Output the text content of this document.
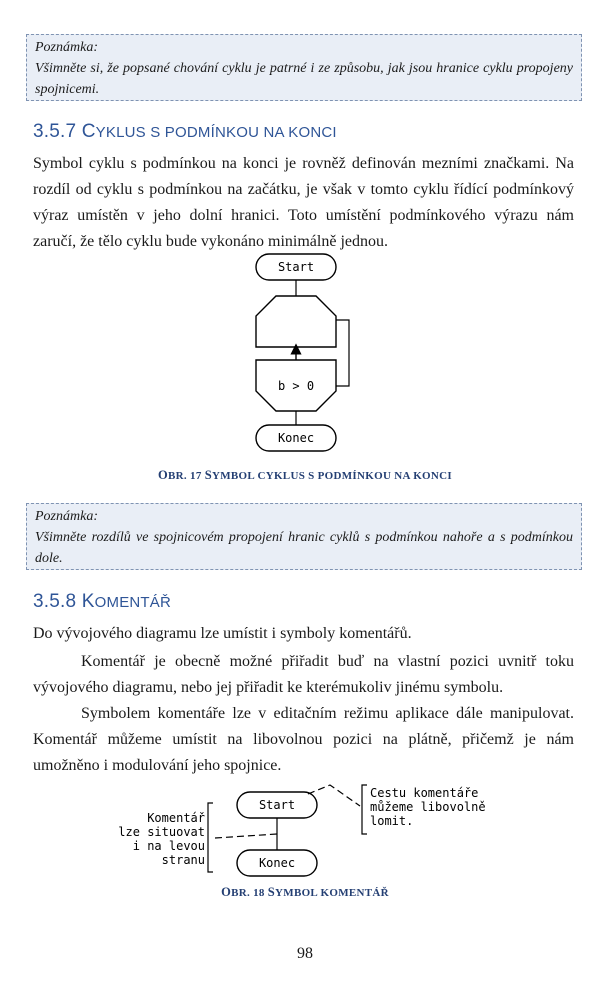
Poznámka:
Všimněte si, že popsané chování cyklu je patrné i ze způsobu, jak jsou hranice cyklu propojeny spojnicemi.
3.5.7 CYKLUS S PODMÍNKOU NA KONCI
Symbol cyklu s podmínkou na konci je rovněž definován mezními značkami. Na rozdíl od cyklu s podmínkou na začátku, je však v tomto cyklu řídící podmínkový výraz umístěn v jeho dolní hranici. Toto umístění podmínkového výrazu nám zaručí, že tělo cyklu bude vykonáno minimálně jednou.
Start
b > 0
Konec
OBR. 17 SYMBOL CYKLUS S PODMÍNKOU NA KONCI
Poznámka:
Všimněte rozdílů ve spojnicovém propojení hranic cyklů s podmínkou nahoře a s podmínkou dole.
3.5.8 KOMENTÁŘ
Do vývojového diagramu lze umístit i symboly komentářů.
Komentář je obecně možné přiřadit buď na vlastní pozici uvnitř toku vývojového diagramu, nebo jej přiřadit ke kterémukoliv jinému symbolu.
Symbolem komentáře lze v editačním režimu aplikace dále manipulovat. Komentář můžeme umístit na libovolnou pozici na plátně, přičemž je nám umožněno i modulování jeho spojnice.
Start
Konec
Komentář
lze situovat
i na levou
stranu
Cestu komentáře
můžeme libovolně
lomit.
OBR. 18 SYMBOL KOMENTÁŘ
98
